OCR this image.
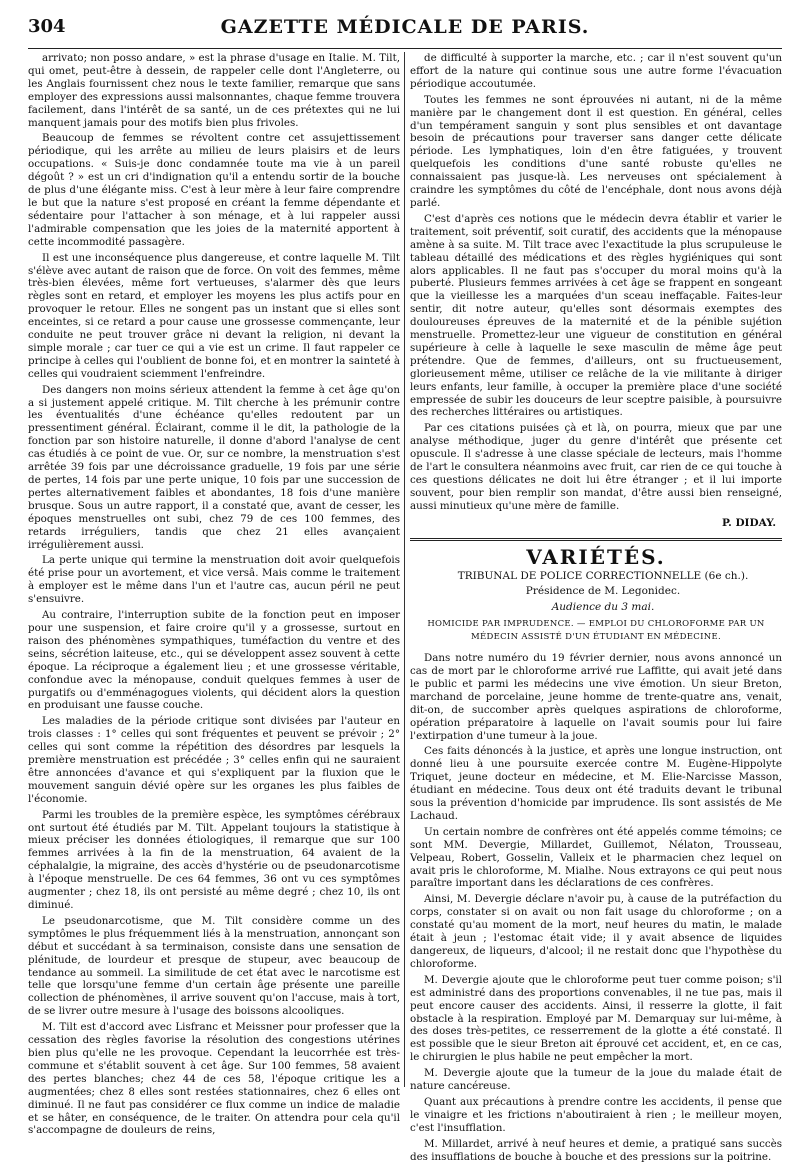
304	GAZETTE MÉDICALE DE PARIS.

arrivato; non posso andare, » est la phrase d'usage en Italie. M. Tilt, qui omet, peut-être à dessein, de rappeler celle dont l'Angleterre, ou les Anglais fournissent chez nous le texte familier, remarque que sans employer des expressions aussi malsonnantes, chaque femme trouvera facilement, dans l'intérêt de sa santé, un de ces prétextes qui ne lui manquent jamais pour des motifs bien plus frivoles.

Beaucoup de femmes se révoltent contre cet assujettissement périodique, qui les arrête au milieu de leurs plaisirs et de leurs occupations. « Suis-je donc condamnée toute ma vie à un pareil dégoût ? » est un cri d'indignation qu'il a entendu sortir de la bouche de plus d'une élégante miss. C'est à leur mère à leur faire comprendre le but que la nature s'est proposé en créant la femme dépendante et sédentaire pour l'attacher à son ménage, et à lui rappeler aussi l'admirable compensation que les joies de la maternité apportent à cette incommodité passagère.

Il est une inconséquence plus dangereuse, et contre laquelle M. Tilt s'élève avec autant de raison que de force. On voit des femmes, même très-bien élevées, même fort vertueuses, s'alarmer dès que leurs règles sont en retard, et employer les moyens les plus actifs pour en provoquer le retour. Elles ne songent pas un instant que si elles sont enceintes, si ce retard a pour cause une grossesse commençante, leur conduite ne peut trouver grâce ni devant la religion, ni devant la simple morale ; car tuer ce qui a vie est un crime. Il faut rappeler ce principe à celles qui l'oublient de bonne foi, et en montrer la sainteté à celles qui voudraient sciemment l'enfreindre.

Des dangers non moins sérieux attendent la femme à cet âge qu'on a si justement appelé critique. M. Tilt cherche à les prémunir contre les éventualités d'une échéance qu'elles redoutent par un pressentiment général. Éclairant, comme il le dit, la pathologie de la fonction par son histoire naturelle, il donne d'abord l'analyse de cent cas étudiés à ce point de vue. Or, sur ce nombre, la menstruation s'est arrêtée 39 fois par une décroissance graduelle, 19 fois par une série de pertes, 14 fois par une perte unique, 10 fois par une succession de pertes alternativement faibles et abondantes, 18 fois d'une manière brusque. Sous un autre rapport, il a constaté que, avant de cesser, les époques menstruelles ont subi, chez 79 de ces 100 femmes, des retards irréguliers, tandis que chez 21 elles avançaient irrégulièrement aussi.

La perte unique qui termine la menstruation doit avoir quelquefois été prise pour un avortement, et vice versâ. Mais comme le traitement à employer est le même dans l'un et l'autre cas, aucun péril ne peut s'ensuivre.

Au contraire, l'interruption subite de la fonction peut en imposer pour une suspension, et faire croire qu'il y a grossesse, surtout en raison des phénomènes sympathiques, tuméfaction du ventre et des seins, sécrétion laiteuse, etc., qui se développent assez souvent à cette époque. La réciproque a également lieu ; et une grossesse véritable, confondue avec la ménopause, conduit quelques femmes à user de purgatifs ou d'emménagogues violents, qui décident alors la question en produisant une fausse couche.

Les maladies de la période critique sont divisées par l'auteur en trois classes : 1° celles qui sont fréquentes et peuvent se prévoir ; 2° celles qui sont comme la répétition des désordres par lesquels la première menstruation est précédée ; 3° celles enfin qui ne sauraient être annoncées d'avance et qui s'expliquent par la fluxion que le mouvement sanguin dévié opère sur les organes les plus faibles de l'économie.

Parmi les troubles de la première espèce, les symptômes cérébraux ont surtout été étudiés par M. Tilt. Appelant toujours la statistique à mieux préciser les données étiologiques, il remarque que sur 100 femmes arrivées à la fin de la menstruation, 64 avaient de la céphalalgie, la migraine, des accès d'hystérie ou de pseudonarcotisme à l'époque menstruelle. De ces 64 femmes, 36 ont vu ces symptômes augmenter ; chez 18, ils ont persisté au même degré ; chez 10, ils ont diminué.

Le pseudonarcotisme, que M. Tilt considère comme un des symptômes le plus fréquemment liés à la menstruation, annonçant son début et succédant à sa terminaison, consiste dans une sensation de plénitude, de lourdeur et presque de stupeur, avec beaucoup de tendance au sommeil. La similitude de cet état avec le narcotisme est telle que lorsqu'une femme d'un certain âge présente une pareille collection de phénomènes, il arrive souvent qu'on l'accuse, mais à tort, de se livrer outre mesure à l'usage des boissons alcooliques.

M. Tilt est d'accord avec Lisfranc et Meissner pour professer que la cessation des règles favorise la résolution des congestions utérines bien plus qu'elle ne les provoque. Cependant la leucorrhée est très-commune et s'établit souvent à cet âge. Sur 100 femmes, 58 avaient des pertes blanches; chez 44 de ces 58, l'époque critique les a augmentées; chez 8 elles sont restées stationnaires, chez 6 elles ont diminué. Il ne faut pas considérer ce flux comme un indice de maladie et se hâter, en conséquence, de le traiter. On attendra pour cela qu'il s'accompagne de douleurs de reins,

de difficulté à supporter la marche, etc. ; car il n'est souvent qu'un effort de la nature qui continue sous une autre forme l'évacuation périodique accoutumée.

Toutes les femmes ne sont éprouvées ni autant, ni de la même manière par le changement dont il est question. En général, celles d'un tempérament sanguin y sont plus sensibles et ont davantage besoin de précautions pour traverser sans danger cette délicate période. Les lymphatiques, loin d'en être fatiguées, y trouvent quelquefois les conditions d'une santé robuste qu'elles ne connaissaient pas jusque-là. Les nerveuses ont spécialement à craindre les symptômes du côté de l'encéphale, dont nous avons déjà parlé.

C'est d'après ces notions que le médecin devra établir et varier le traitement, soit préventif, soit curatif, des accidents que la ménopause amène à sa suite. M. Tilt trace avec l'exactitude la plus scrupuleuse le tableau détaillé des médications et des règles hygiéniques qui sont alors applicables. Il ne faut pas s'occuper du moral moins qu'à la puberté. Plusieurs femmes arrivées à cet âge se frappent en songeant que la vieillesse les a marquées d'un sceau ineffaçable. Faites-leur sentir, dit notre auteur, qu'elles sont désormais exemptes des douloureuses épreuves de la maternité et de la pénible sujétion menstruelle. Promettez-leur une vigueur de constitution en général supérieure à celle à laquelle le sexe masculin de même âge peut prétendre. Que de femmes, d'ailleurs, ont su fructueusement, glorieusement même, utiliser ce relâche de la vie militante à diriger leurs enfants, leur famille, à occuper la première place d'une société empressée de subir les douceurs de leur sceptre paisible, à poursuivre des recherches littéraires ou artistiques.

Par ces citations puisées çà et là, on pourra, mieux que par une analyse méthodique, juger du genre d'intérêt que présente cet opuscule. Il s'adresse à une classe spéciale de lecteurs, mais l'homme de l'art le consultera néanmoins avec fruit, car rien de ce qui touche à ces questions délicates ne doit lui être étranger ; et il lui importe souvent, pour bien remplir son mandat, d'être aussi bien renseigné, aussi minutieux qu'une mère de famille.

P. DIDAY.
VARIÉTÉS.

TRIBUNAL DE POLICE CORRECTIONNELLE (6e ch.).

Présidence de M. Legonidec.

Audience du 3 mai.

HOMICIDE PAR IMPRUDENCE. — EMPLOI DU CHLOROFORME PAR UN MÉDECIN ASSISTÉ D'UN ÉTUDIANT EN MÉDECINE.

Dans notre numéro du 19 février dernier, nous avons annoncé un cas de mort par le chloroforme arrivé rue Laffitte, qui avait jeté dans le public et parmi les médecins une vive émotion. Un sieur Breton, marchand de porcelaine, jeune homme de trente-quatre ans, venait, dit-on, de succomber après quelques aspirations de chloroforme, opération préparatoire à laquelle on l'avait soumis pour lui faire l'extirpation d'une tumeur à la joue.

Ces faits dénoncés à la justice, et après une longue instruction, ont donné lieu à une poursuite exercée contre M. Eugène-Hippolyte Triquet, jeune docteur en médecine, et M. Elie-Narcisse Masson, étudiant en médecine. Tous deux ont été traduits devant le tribunal sous la prévention d'homicide par imprudence. Ils sont assistés de Me Lachaud.

Un certain nombre de confrères ont été appelés comme témoins; ce sont MM. Devergie, Millardet, Guillemot, Nélaton, Trousseau, Velpeau, Robert, Gosselin, Valleix et le pharmacien chez lequel on avait pris le chloroforme, M. Mialhe. Nous extrayons ce qui peut nous paraître important dans les déclarations de ces confrères.

Ainsi, M. Devergie déclare n'avoir pu, à cause de la putréfaction du corps, constater si on avait ou non fait usage du chloroforme ; on a constaté qu'au moment de la mort, neuf heures du matin, le malade était à jeun ; l'estomac était vide; il y avait absence de liquides dangereux, de liqueurs, d'alcool; il ne restait donc que l'hypothèse du chloroforme.

M. Devergie ajoute que le chloroforme peut tuer comme poison; s'il est administré dans des proportions convenables, il ne tue pas, mais il peut encore causer des accidents. Ainsi, il resserre la glotte, il fait obstacle à la respiration. Employé par M. Demarquay sur lui-même, à des doses très-petites, ce resserrement de la glotte a été constaté. Il est possible que le sieur Breton ait éprouvé cet accident, et, en ce cas, le chirurgien le plus habile ne peut empêcher la mort.

M. Devergie ajoute que la tumeur de la joue du malade était de nature cancéreuse.

Quant aux précautions à prendre contre les accidents, il pense que le vinaigre et les frictions n'aboutiraient à rien ; le meilleur moyen, c'est l'insufflation.

M. Millardet, arrivé à neuf heures et demie, a pratiqué sans succès des insufflations de bouche à bouche et des pressions sur la poitrine.
